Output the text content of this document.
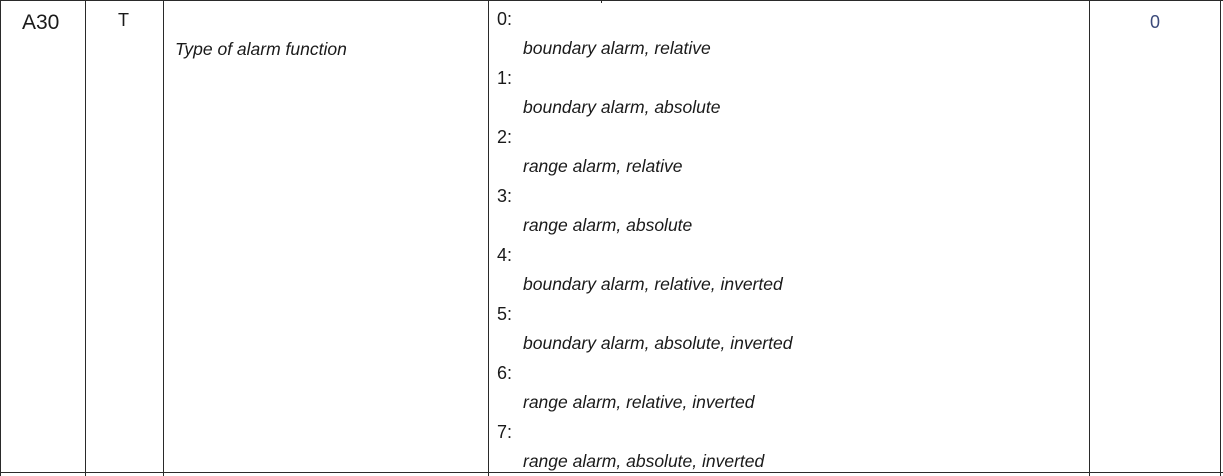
A30	T
Type of alarm function
0
0:
boundary alarm, relative
1:
boundary alarm, absolute
2:
range alarm, relative
3:
range alarm, absolute
4:
boundary alarm, relative, inverted
5:
boundary alarm, absolute, inverted
6:
range alarm, relative, inverted
7:
range alarm, absolute, inverted
